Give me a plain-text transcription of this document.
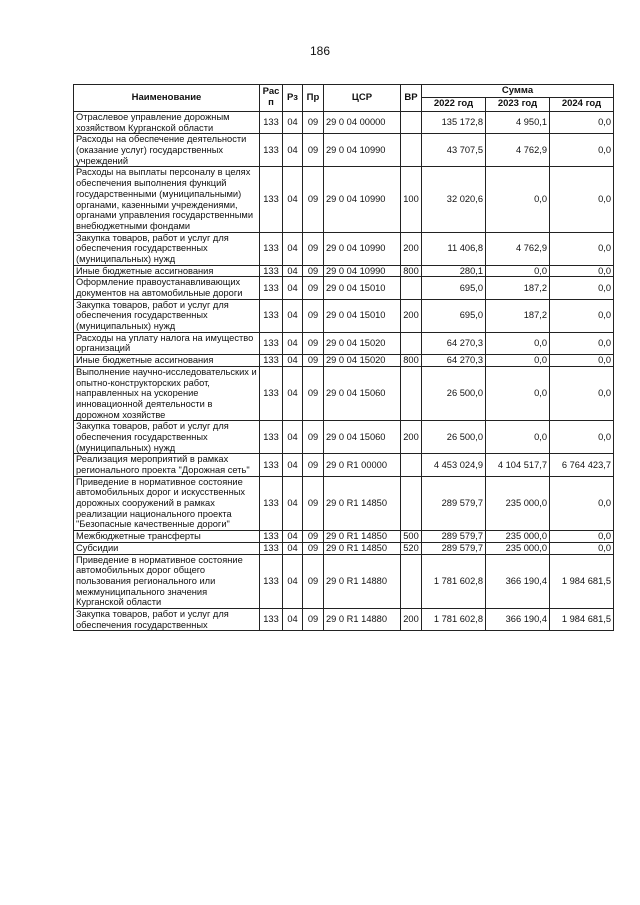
186
Наименование	Рас п	Рз	Пр	ЦСР	ВР	Сумма		
						2022 год	2023 год	2024 год
Отраслевое управление дорожным хозяйством Курганской области	133	04	09	29 0 04 00000		135 172,8	4 950,1	0,0
Расходы на обеспечение деятельности (оказание услуг) государственных учреждений	133	04	09	29 0 04 10990		43 707,5	4 762,9	0,0
Расходы на выплаты персоналу в целях обеспечения выполнения функций государственными (муниципальными) органами, казенными учреждениями, органами управления государственными внебюджетными фондами	133	04	09	29 0 04 10990	100	32 020,6	0,0	0,0
Закупка товаров, работ и услуг для обеспечения государственных (муниципальных) нужд	133	04	09	29 0 04 10990	200	11 406,8	4 762,9	0,0
Иные бюджетные ассигнования	133	04	09	29 0 04 10990	800	280,1	0,0	0,0
Оформление правоустанавливающих документов на автомобильные дороги	133	04	09	29 0 04 15010		695,0	187,2	0,0
Закупка товаров, работ и услуг для обеспечения государственных (муниципальных) нужд	133	04	09	29 0 04 15010	200	695,0	187,2	0,0
Расходы на уплату налога на имущество организаций	133	04	09	29 0 04 15020		64 270,3	0,0	0,0
Иные бюджетные ассигнования	133	04	09	29 0 04 15020	800	64 270,3	0,0	0,0
Выполнение научно-исследовательских и опытно-конструкторских работ, направленных на ускорение инновационной деятельности в дорожном хозяйстве	133	04	09	29 0 04 15060		26 500,0	0,0	0,0
Закупка товаров, работ и услуг для обеспечения государственных (муниципальных) нужд	133	04	09	29 0 04 15060	200	26 500,0	0,0	0,0
Реализация мероприятий в рамках регионального проекта "Дорожная сеть"	133	04	09	29 0 R1 00000		4 453 024,9	4 104 517,7	6 764 423,7
Приведение в нормативное состояние автомобильных дорог и искусственных дорожных сооружений в рамках реализации национального проекта "Безопасные качественные дороги"	133	04	09	29 0 R1 14850		289 579,7	235 000,0	0,0
Межбюджетные трансферты	133	04	09	29 0 R1 14850	500	289 579,7	235 000,0	0,0
Субсидии	133	04	09	29 0 R1 14850	520	289 579,7	235 000,0	0,0
Приведение в нормативное состояние автомобильных дорог общего пользования регионального или межмуниципального значения Курганской области	133	04	09	29 0 R1 14880		1 781 602,8	366 190,4	1 984 681,5
Закупка товаров, работ и услуг для обеспечения государственных	133	04	09	29 0 R1 14880	200	1 781 602,8	366 190,4	1 984 681,5
